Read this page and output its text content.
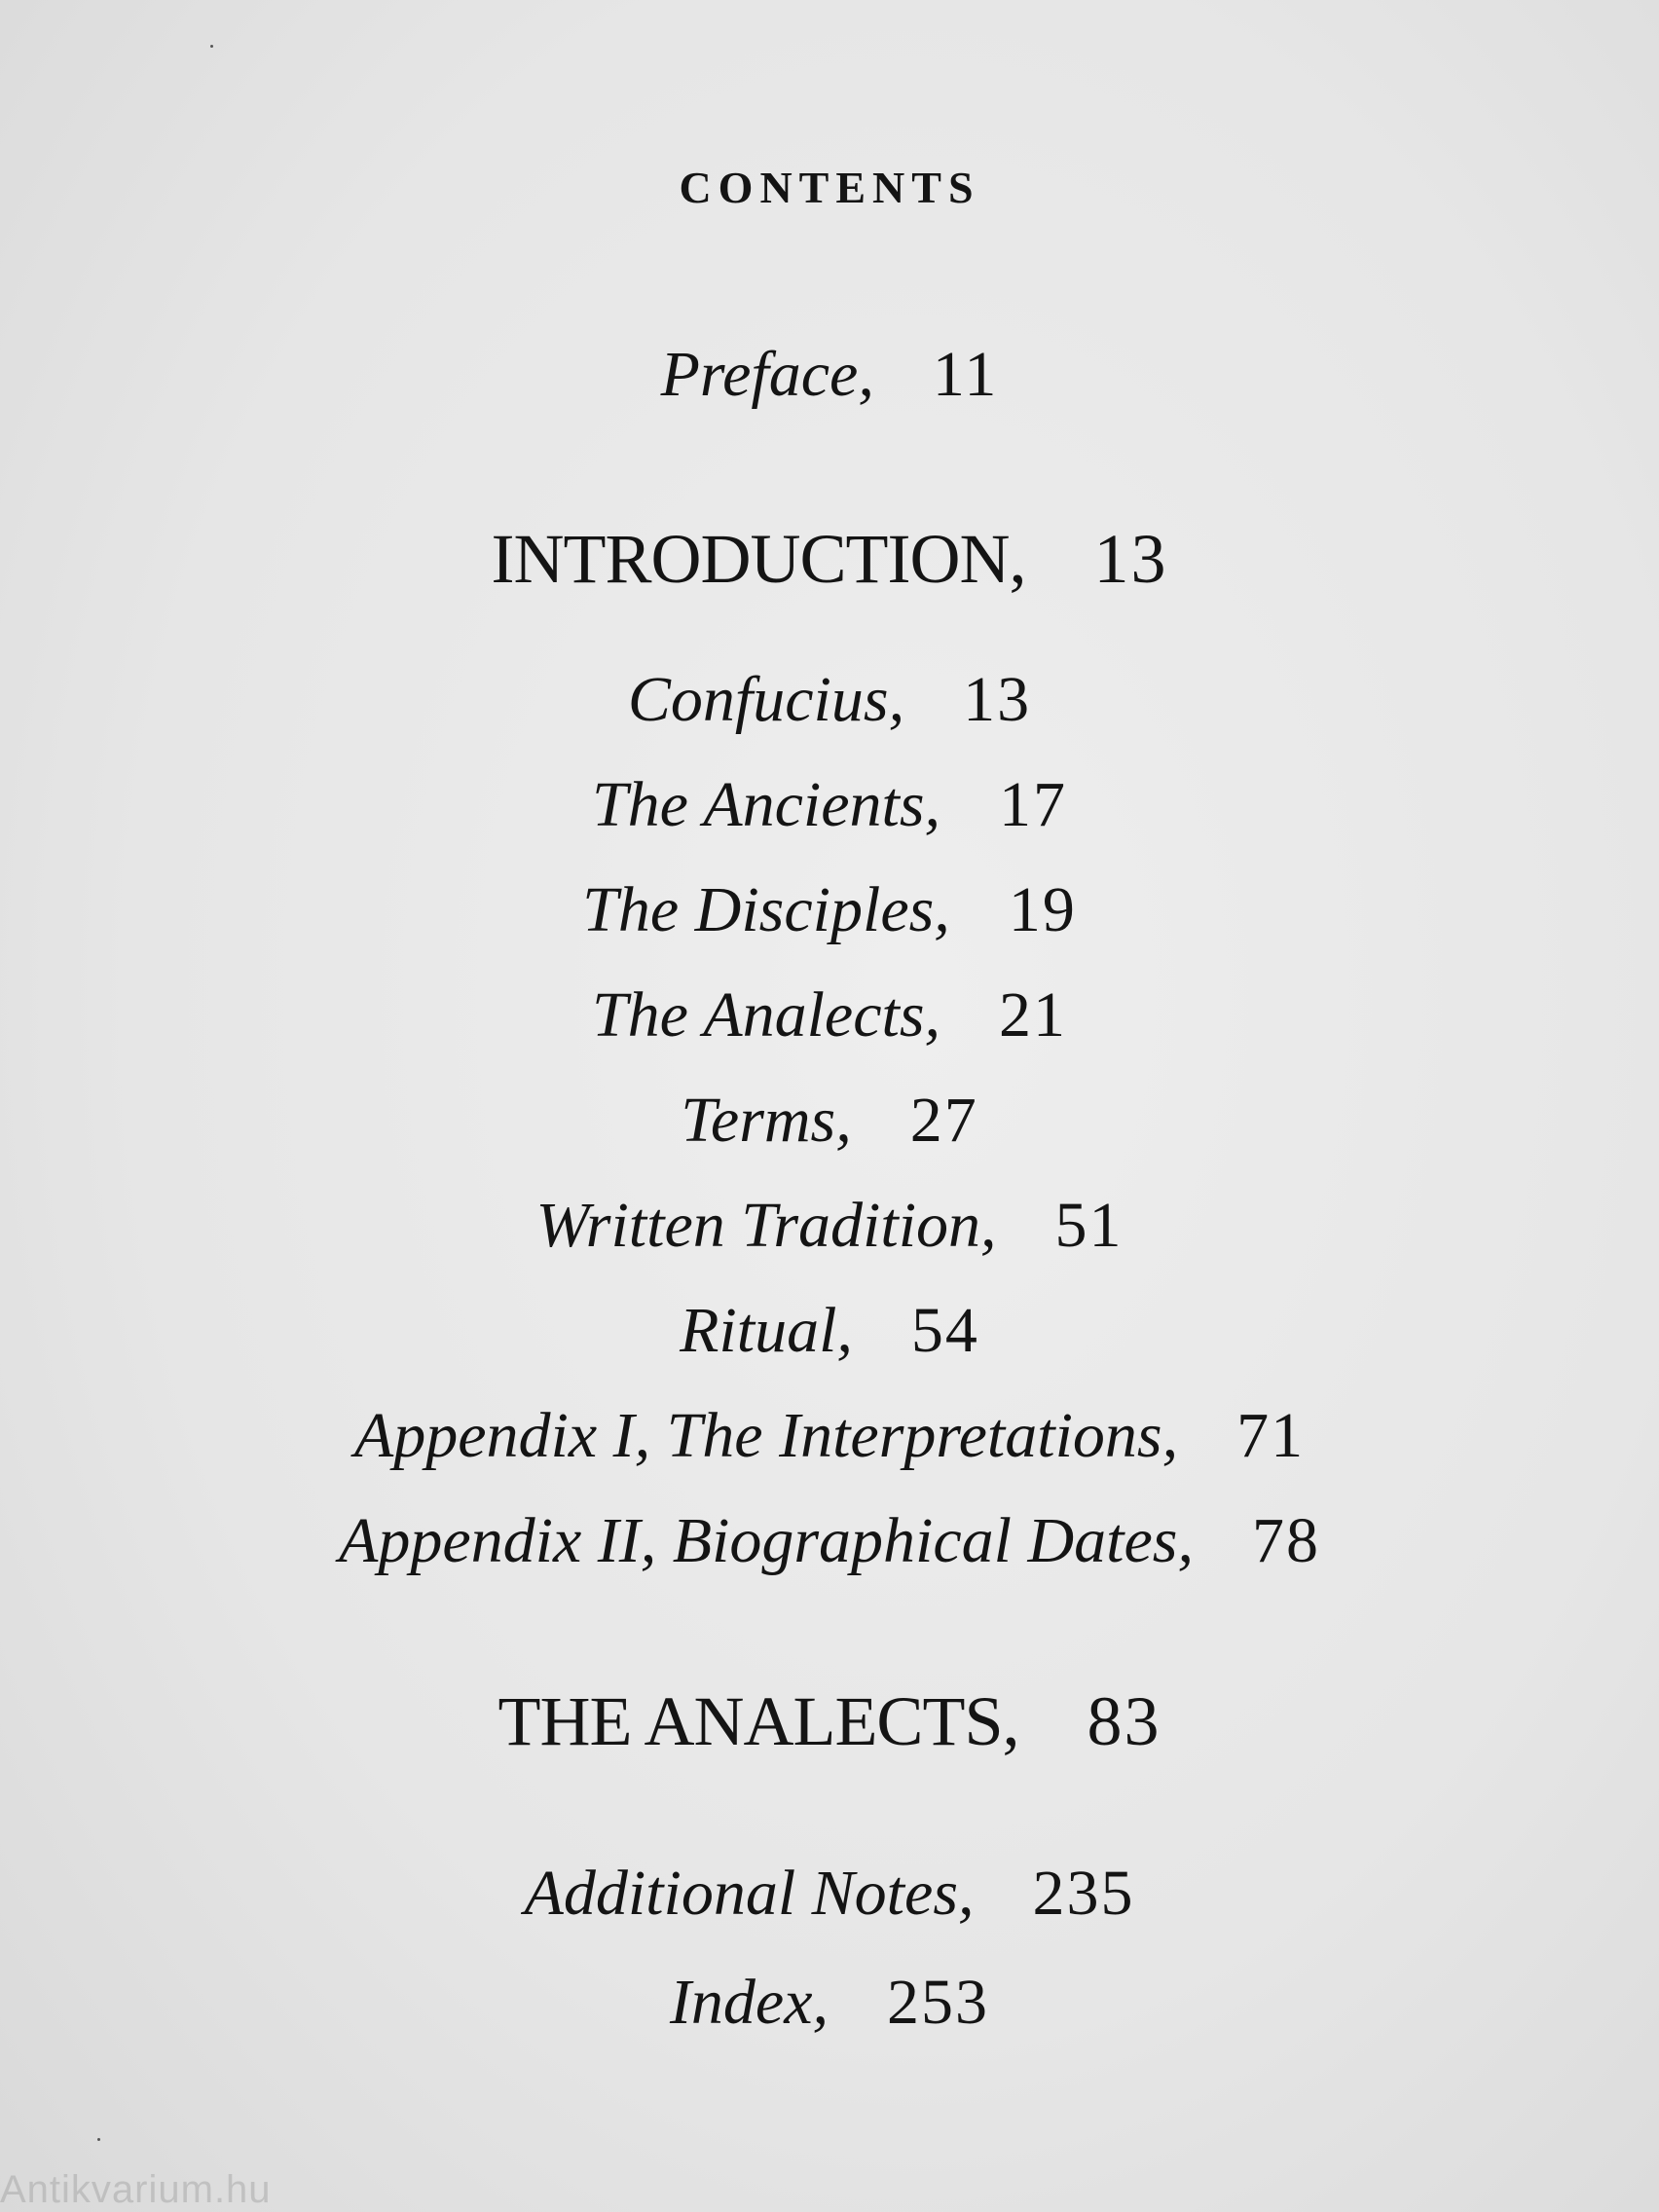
CONTENTS
Preface, 11
INTRODUCTION, 13
Confucius, 13
The Ancients, 17
The Disciples, 19
The Analects, 21
Terms, 27
Written Tradition, 51
Ritual, 54
Appendix I, The Interpretations, 71
Appendix II, Biographical Dates, 78
THE ANALECTS, 83
Additional Notes, 235
Index, 253
Antikvarium.hu
